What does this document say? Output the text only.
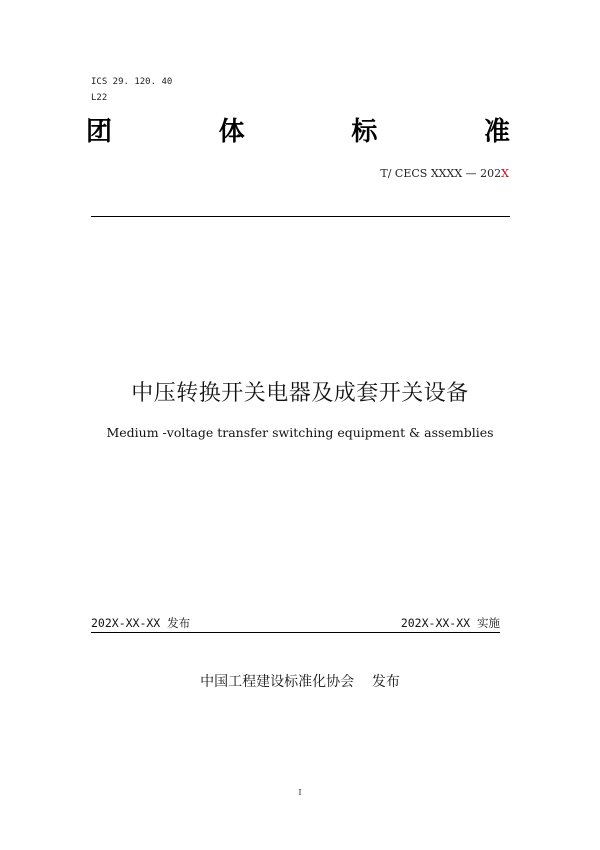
ICS 29. 120. 40
L22
团	体	标	准
T/ CECS XXXX — 202X
中压转换开关电器及成套开关设备
Medium -voltage transfer switching equipment & assemblies
202X-XX-XX 发布	202X-XX-XX 实施
中国工程建设标准化协会    发布
I
